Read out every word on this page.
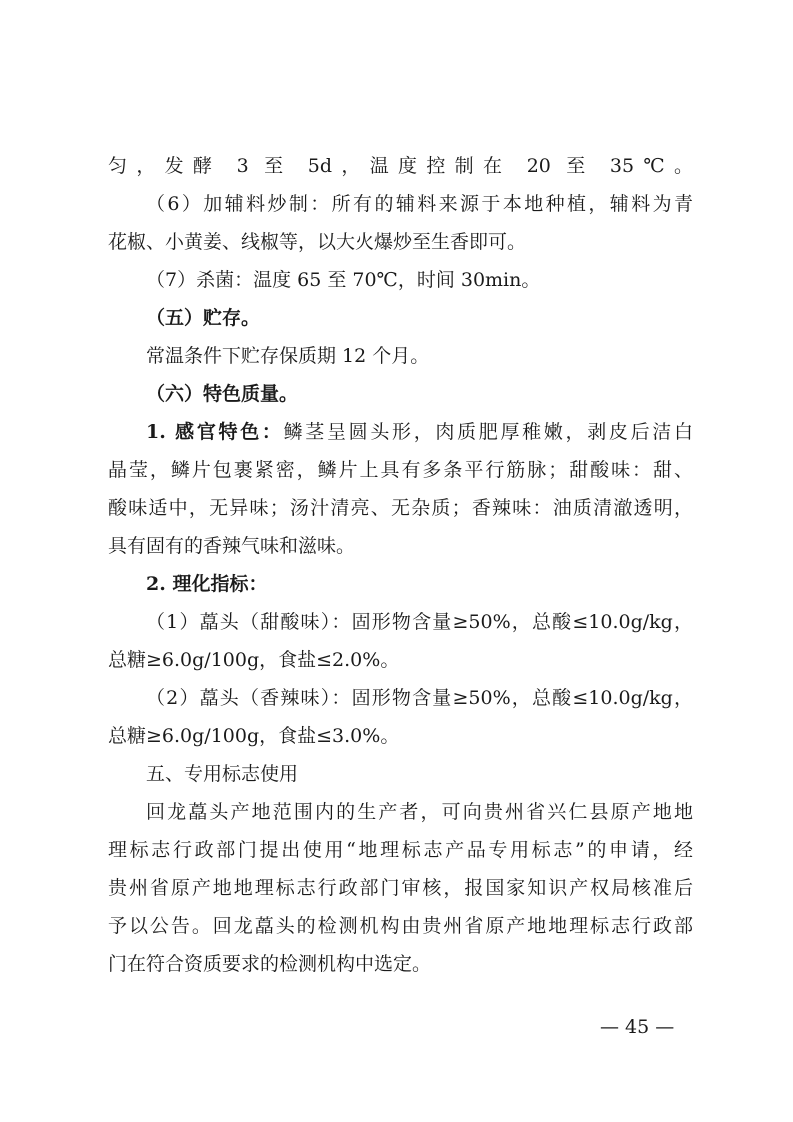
匀，发酵 3 至 5d，温度控制在 20 至 35℃。
（6）加辅料炒制：所有的辅料来源于本地种植，辅料为青
花椒、小黄姜、线椒等，以大火爆炒至生香即可。
（7）杀菌：温度 65 至 70℃，时间 30min。
（五）贮存。
常温条件下贮存保质期 12 个月。
（六）特色质量。
1. 感官特色：鳞茎呈圆头形，肉质肥厚稚嫩，剥皮后洁白
晶莹，鳞片包裹紧密，鳞片上具有多条平行筋脉；甜酸味：甜、
酸味适中，无异味；汤汁清亮、无杂质；香辣味：油质清澈透明，
具有固有的香辣气味和滋味。
2. 理化指标：
（1）藠头（甜酸味）：固形物含量≥50%，总酸≤10.0g/kg，
总糖≥6.0g/100g，食盐≤2.0%。
（2）藠头（香辣味）：固形物含量≥50%，总酸≤10.0g/kg，
总糖≥6.0g/100g，食盐≤3.0%。
五、专用标志使用
回龙藠头产地范围内的生产者，可向贵州省兴仁县原产地地
理标志行政部门提出使用“地理标志产品专用标志”的申请，经
贵州省原产地地理标志行政部门审核，报国家知识产权局核准后
予以公告。回龙藠头的检测机构由贵州省原产地地理标志行政部
门在符合资质要求的检测机构中选定。
— 45 —
